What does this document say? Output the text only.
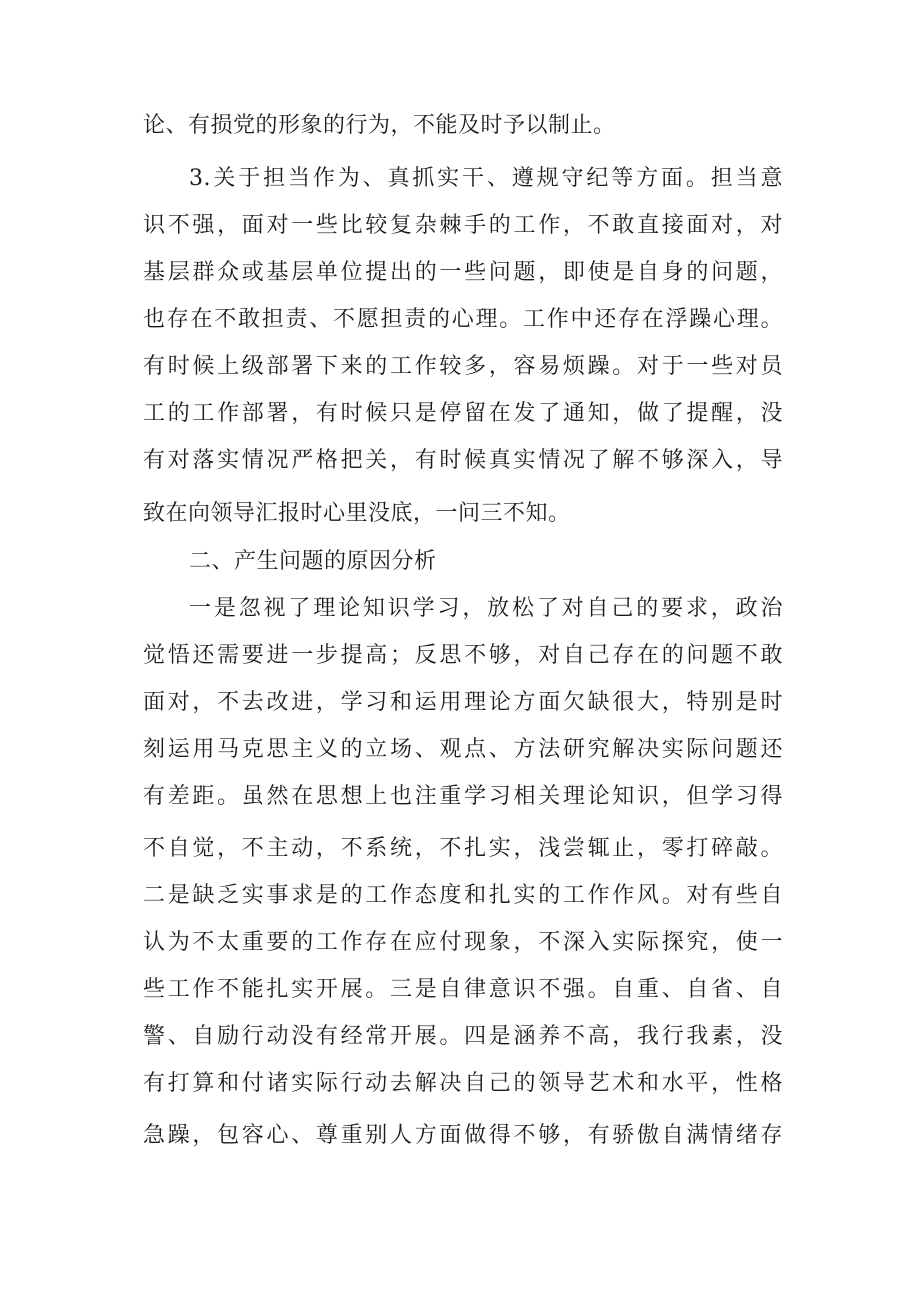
论、有损党的形象的行为，不能及时予以制止。
3.关于担当作为、真抓实干、遵规守纪等方面。担当意
识不强，面对一些比较复杂棘手的工作，不敢直接面对，对
基层群众或基层单位提出的一些问题，即使是自身的问题，
也存在不敢担责、不愿担责的心理。工作中还存在浮躁心理。
有时候上级部署下来的工作较多，容易烦躁。对于一些对员
工的工作部署，有时候只是停留在发了通知，做了提醒，没
有对落实情况严格把关，有时候真实情况了解不够深入，导
致在向领导汇报时心里没底，一问三不知。
二、产生问题的原因分析
一是忽视了理论知识学习，放松了对自己的要求，政治
觉悟还需要进一步提高；反思不够，对自己存在的问题不敢
面对，不去改进，学习和运用理论方面欠缺很大，特别是时
刻运用马克思主义的立场、观点、方法研究解决实际问题还
有差距。虽然在思想上也注重学习相关理论知识，但学习得
不自觉，不主动，不系统，不扎实，浅尝辄止，零打碎敲。
二是缺乏实事求是的工作态度和扎实的工作作风。对有些自
认为不太重要的工作存在应付现象，不深入实际探究，使一
些工作不能扎实开展。三是自律意识不强。自重、自省、自
警、自励行动没有经常开展。四是涵养不高，我行我素，没
有打算和付诸实际行动去解决自己的领导艺术和水平，性格
急躁，包容心、尊重别人方面做得不够，有骄傲自满情绪存
